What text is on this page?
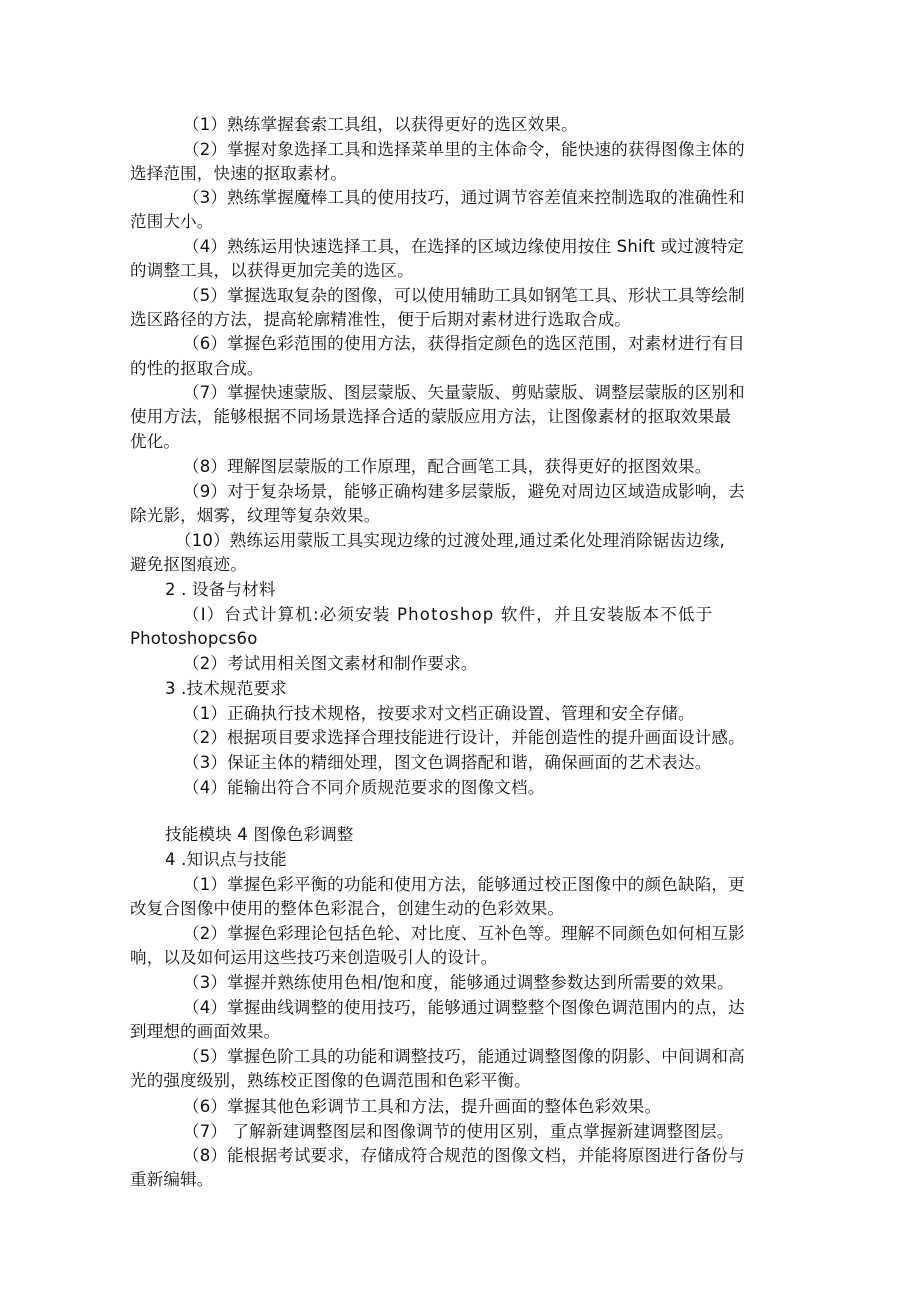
（1）熟练掌握套索工具组，以获得更好的选区效果。
（2）掌握对象选择工具和选择菜单里的主体命令，能快速的获得图像主体的
选择范围，快速的抠取素材。
（3）熟练掌握魔棒工具的使用技巧，通过调节容差值来控制选取的准确性和
范围大小。
（4）熟练运用快速选择工具，在选择的区域边缘使用按住 Shift 或过渡特定
的调整工具，以获得更加完美的选区。
（5）掌握选取复杂的图像，可以使用辅助工具如钢笔工具、形状工具等绘制
选区路径的方法，提高轮廓精准性，便于后期对素材进行选取合成。
（6）掌握色彩范围的使用方法，获得指定颜色的选区范围，对素材进行有目
的性的抠取合成。
（7）掌握快速蒙版、图层蒙版、矢量蒙版、剪贴蒙版、调整层蒙版的区别和
使用方法，能够根据不同场景选择合适的蒙版应用方法，让图像素材的抠取效果最
优化。
（8）理解图层蒙版的工作原理，配合画笔工具，获得更好的抠图效果。
（9）对于复杂场景，能够正确构建多层蒙版，避免对周边区域造成影响，去
除光影，烟雾，纹理等复杂效果。
（10）熟练运用蒙版工具实现边缘的过渡处理,通过柔化处理消除锯齿边缘,
避免抠图痕迹。
2 . 设备与材料
（I）台式计算机:必须安装 Photoshop 软件，并且安装版本不低于
Photoshopcs6o
（2）考试用相关图文素材和制作要求。
3 .技术规范要求
（1）正确执行技术规格，按要求对文档正确设置、管理和安全存储。
（2）根据项目要求选择合理技能进行设计，并能创造性的提升画面设计感。
（3）保证主体的精细处理，图文色调搭配和谐，确保画面的艺术表达。
（4）能输出符合不同介质规范要求的图像文档。
技能模块 4 图像色彩调整
4 .知识点与技能
（1）掌握色彩平衡的功能和使用方法，能够通过校正图像中的颜色缺陷，更
改复合图像中使用的整体色彩混合，创建生动的色彩效果。
（2）掌握色彩理论包括色轮、对比度、互补色等。理解不同颜色如何相互影
响，以及如何运用这些技巧来创造吸引人的设计。
（3）掌握并熟练使用色相/饱和度，能够通过调整参数达到所需要的效果。
（4）掌握曲线调整的使用技巧，能够通过调整整个图像色调范围内的点，达
到理想的画面效果。
（5）掌握色阶工具的功能和调整技巧，能通过调整图像的阴影、中间调和高
光的强度级别，熟练校正图像的色调范围和色彩平衡。
（6）掌握其他色彩调节工具和方法，提升画面的整体色彩效果。
（7） 了解新建调整图层和图像调节的使用区别，重点掌握新建调整图层。
（8）能根据考试要求，存储成符合规范的图像文档，并能将原图进行备份与
重新编辑。
